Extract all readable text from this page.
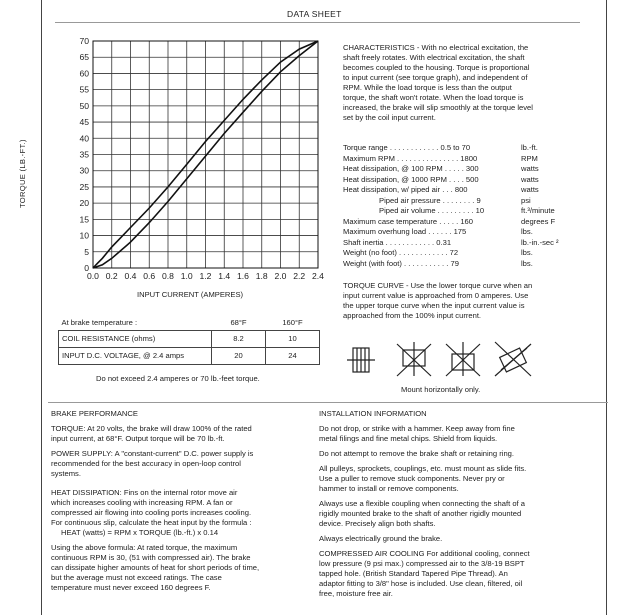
DATA SHEET
TORQUE (LB.-FT.)
0
5
10
15
20
25
30
35
40
45
50
55
60
65
70
0.0 0.2 0.4 0.6 0.8 1.0 1.2 1.4 1.6 1.8 2.0 2.2 2.4
INPUT CURRENT (AMPERES)
CHARACTERISTICS - With no electrical excitation, the
shaft freely rotates. With electrical excitation, the shaft
becomes coupled to the housing. Torque is proportional
to input current (see torque graph), and independent of
RPM. While the load torque is less than the output
torque, the shaft won't rotate. When the load torque is
increased, the brake will slip smoothly at the torque level
set by the coil input current.
Torque range . . . . . . . . . . . . 0.5 to 70	lb.-ft.
Maximum RPM . . . . . . . . . . . . . . . 1800	RPM
Heat dissipation, @ 100 RPM . . . . . 300	watts
Heat dissipation, @ 1000 RPM . . . . 500	watts
Heat dissipation, w/ piped air . . . 800	watts
Piped air pressure . . . . . . . . 9	psi
Piped air volume . . . . . . . . . 10	ft.³/minute
Maximum case temperature . . . . . 160	degrees F
Maximum overhung load . . . . . . 175	lbs.
Shaft inertia . . . . . . . . . . . . 0.31	lb.-in.-sec ²
Weight (no foot) . . . . . . . . . . . . 72	lbs.
Weight (with foot) . . . . . . . . . . . 79	lbs.
TORQUE CURVE - Use the lower torque curve when an
input current value is approached from 0 amperes. Use
the upper torque curve when the input current value is
approached from the 100% input current.
Mount horizontally only.
At brake temperature :	68°F	160°F
COIL RESISTANCE (ohms)	8.2	10
INPUT D.C. VOLTAGE, @ 2.4 amps	20	24
Do not exceed 2.4 amperes or 70 lb.-feet torque.
BRAKE PERFORMANCE
TORQUE: At 20 volts, the brake will draw 100% of the rated
input current, at 68°F. Output torque will be 70 lb.-ft.
POWER SUPPLY: A "constant-current" D.C. power supply is
recommended for the best accuracy in open-loop control
systems.
HEAT DISSIPATION: Fins on the internal rotor move air
which increases cooling with increasing RPM. A fan or
compressed air flowing into cooling ports increases cooling.
For continuous slip, calculate the heat input by the formula :
HEAT (watts) = RPM x TORQUE (lb.-ft.) x 0.14
Using the above formula: At rated torque, the maximum
continuous RPM is 30, (51 with compressed air). The brake
can dissipate higher amounts of heat for short periods of time,
but the average must not exceed ratings. The case
temperature must never exceed 160 degrees F.
INSTALLATION INFORMATION
Do not drop, or strike with a hammer. Keep away from fine
metal filings and fine metal chips. Shield from liquids.
Do not attempt to remove the brake shaft or retaining ring.
All pulleys, sprockets, couplings, etc. must mount as slide fits.
Use a puller to remove stuck components. Never pry or
hammer to install or remove components.
Always use a flexible coupling when connecting the shaft of a
rigidly mounted brake to the shaft of another rigidly mounted
device. Precisely align both shafts.
Always electrically ground the brake.
COMPRESSED AIR COOLING For additional cooling, connect
low pressure (9 psi max.) compressed air to the 3/8-19 BSPT
tapped hole. (British Standard Tapered Pipe Thread). An
adaptor fitting to 3/8" hose is included. Use clean, filtered, oil
free, moisture free air.
